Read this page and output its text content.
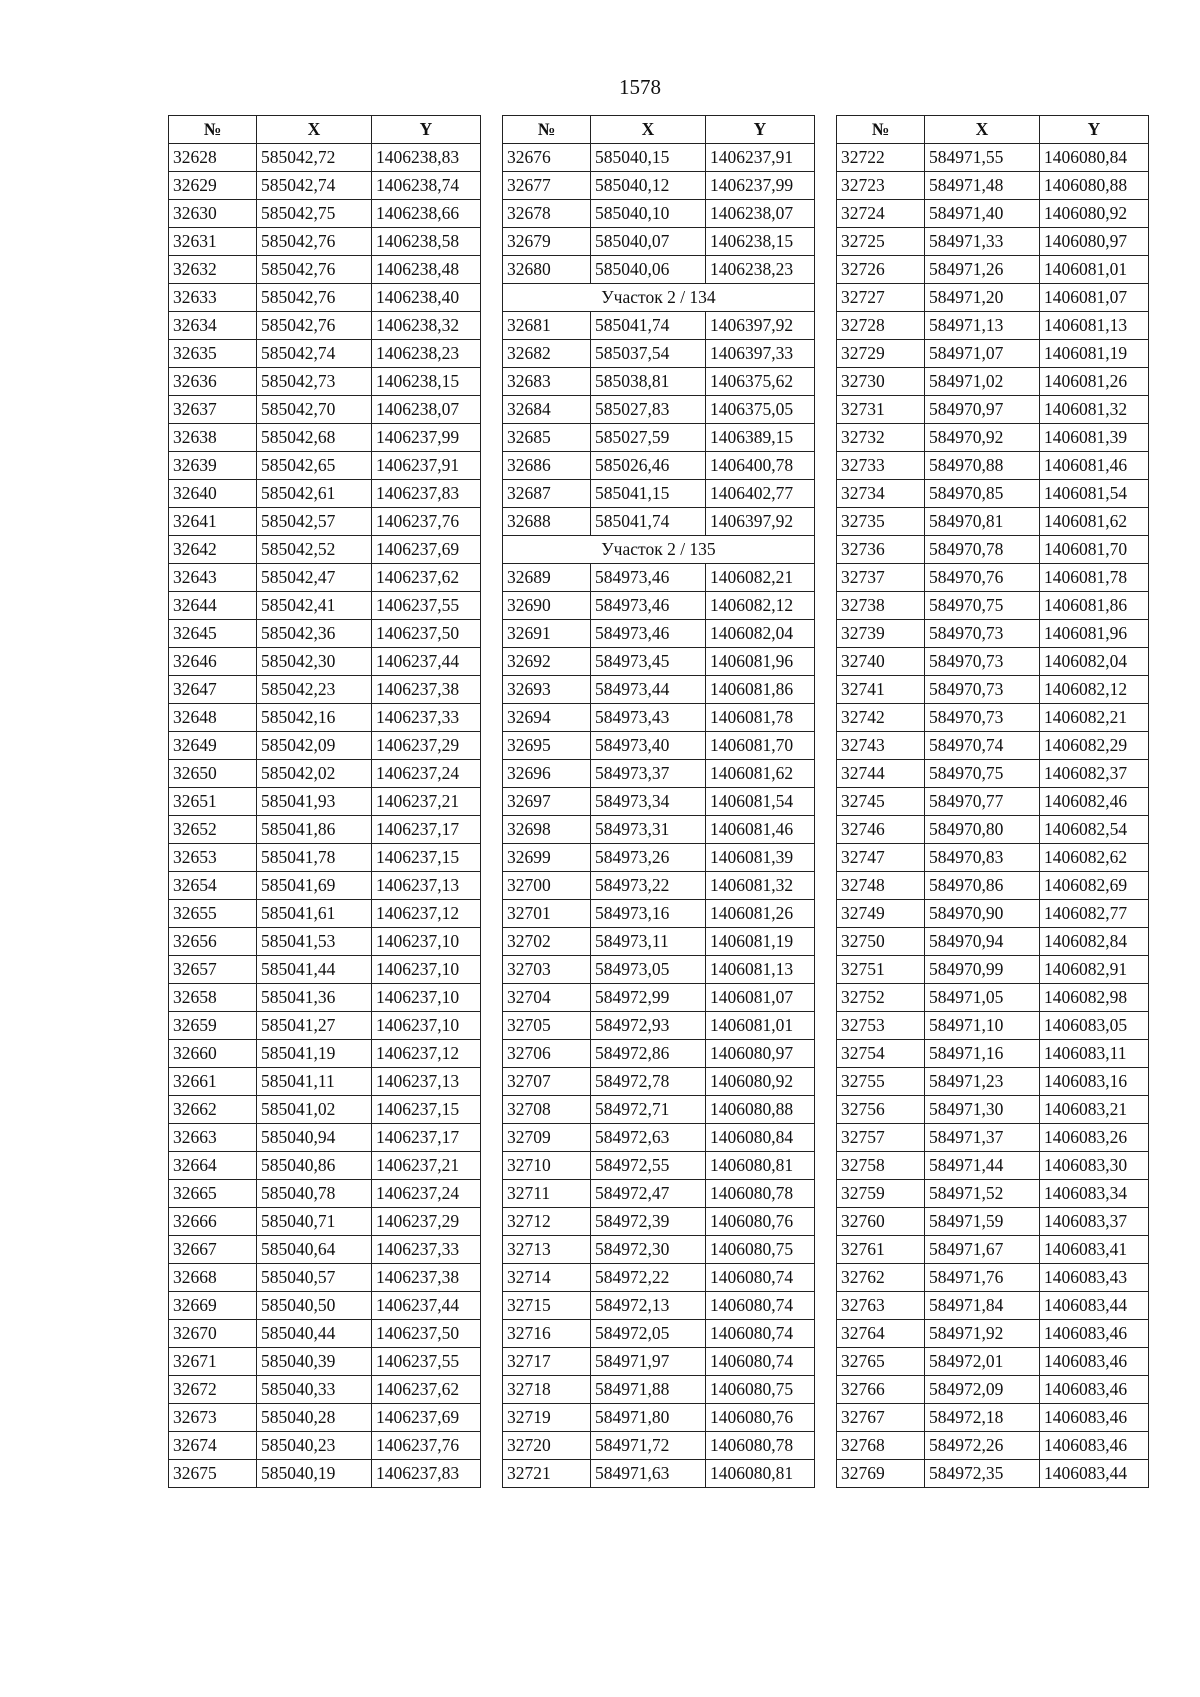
1578
№	X	Y
32628	585042,72	1406238,83
32629	585042,74	1406238,74
32630	585042,75	1406238,66
32631	585042,76	1406238,58
32632	585042,76	1406238,48
32633	585042,76	1406238,40
32634	585042,76	1406238,32
32635	585042,74	1406238,23
32636	585042,73	1406238,15
32637	585042,70	1406238,07
32638	585042,68	1406237,99
32639	585042,65	1406237,91
32640	585042,61	1406237,83
32641	585042,57	1406237,76
32642	585042,52	1406237,69
32643	585042,47	1406237,62
32644	585042,41	1406237,55
32645	585042,36	1406237,50
32646	585042,30	1406237,44
32647	585042,23	1406237,38
32648	585042,16	1406237,33
32649	585042,09	1406237,29
32650	585042,02	1406237,24
32651	585041,93	1406237,21
32652	585041,86	1406237,17
32653	585041,78	1406237,15
32654	585041,69	1406237,13
32655	585041,61	1406237,12
32656	585041,53	1406237,10
32657	585041,44	1406237,10
32658	585041,36	1406237,10
32659	585041,27	1406237,10
32660	585041,19	1406237,12
32661	585041,11	1406237,13
32662	585041,02	1406237,15
32663	585040,94	1406237,17
32664	585040,86	1406237,21
32665	585040,78	1406237,24
32666	585040,71	1406237,29
32667	585040,64	1406237,33
32668	585040,57	1406237,38
32669	585040,50	1406237,44
32670	585040,44	1406237,50
32671	585040,39	1406237,55
32672	585040,33	1406237,62
32673	585040,28	1406237,69
32674	585040,23	1406237,76
32675	585040,19	1406237,83
№	X	Y
32676	585040,15	1406237,91
32677	585040,12	1406237,99
32678	585040,10	1406238,07
32679	585040,07	1406238,15
32680	585040,06	1406238,23
Участок 2 / 134		
32681	585041,74	1406397,92
32682	585037,54	1406397,33
32683	585038,81	1406375,62
32684	585027,83	1406375,05
32685	585027,59	1406389,15
32686	585026,46	1406400,78
32687	585041,15	1406402,77
32688	585041,74	1406397,92
Участок 2 / 135		
32689	584973,46	1406082,21
32690	584973,46	1406082,12
32691	584973,46	1406082,04
32692	584973,45	1406081,96
32693	584973,44	1406081,86
32694	584973,43	1406081,78
32695	584973,40	1406081,70
32696	584973,37	1406081,62
32697	584973,34	1406081,54
32698	584973,31	1406081,46
32699	584973,26	1406081,39
32700	584973,22	1406081,32
32701	584973,16	1406081,26
32702	584973,11	1406081,19
32703	584973,05	1406081,13
32704	584972,99	1406081,07
32705	584972,93	1406081,01
32706	584972,86	1406080,97
32707	584972,78	1406080,92
32708	584972,71	1406080,88
32709	584972,63	1406080,84
32710	584972,55	1406080,81
32711	584972,47	1406080,78
32712	584972,39	1406080,76
32713	584972,30	1406080,75
32714	584972,22	1406080,74
32715	584972,13	1406080,74
32716	584972,05	1406080,74
32717	584971,97	1406080,74
32718	584971,88	1406080,75
32719	584971,80	1406080,76
32720	584971,72	1406080,78
32721	584971,63	1406080,81
№	X	Y
32722	584971,55	1406080,84
32723	584971,48	1406080,88
32724	584971,40	1406080,92
32725	584971,33	1406080,97
32726	584971,26	1406081,01
32727	584971,20	1406081,07
32728	584971,13	1406081,13
32729	584971,07	1406081,19
32730	584971,02	1406081,26
32731	584970,97	1406081,32
32732	584970,92	1406081,39
32733	584970,88	1406081,46
32734	584970,85	1406081,54
32735	584970,81	1406081,62
32736	584970,78	1406081,70
32737	584970,76	1406081,78
32738	584970,75	1406081,86
32739	584970,73	1406081,96
32740	584970,73	1406082,04
32741	584970,73	1406082,12
32742	584970,73	1406082,21
32743	584970,74	1406082,29
32744	584970,75	1406082,37
32745	584970,77	1406082,46
32746	584970,80	1406082,54
32747	584970,83	1406082,62
32748	584970,86	1406082,69
32749	584970,90	1406082,77
32750	584970,94	1406082,84
32751	584970,99	1406082,91
32752	584971,05	1406082,98
32753	584971,10	1406083,05
32754	584971,16	1406083,11
32755	584971,23	1406083,16
32756	584971,30	1406083,21
32757	584971,37	1406083,26
32758	584971,44	1406083,30
32759	584971,52	1406083,34
32760	584971,59	1406083,37
32761	584971,67	1406083,41
32762	584971,76	1406083,43
32763	584971,84	1406083,44
32764	584971,92	1406083,46
32765	584972,01	1406083,46
32766	584972,09	1406083,46
32767	584972,18	1406083,46
32768	584972,26	1406083,46
32769	584972,35	1406083,44
